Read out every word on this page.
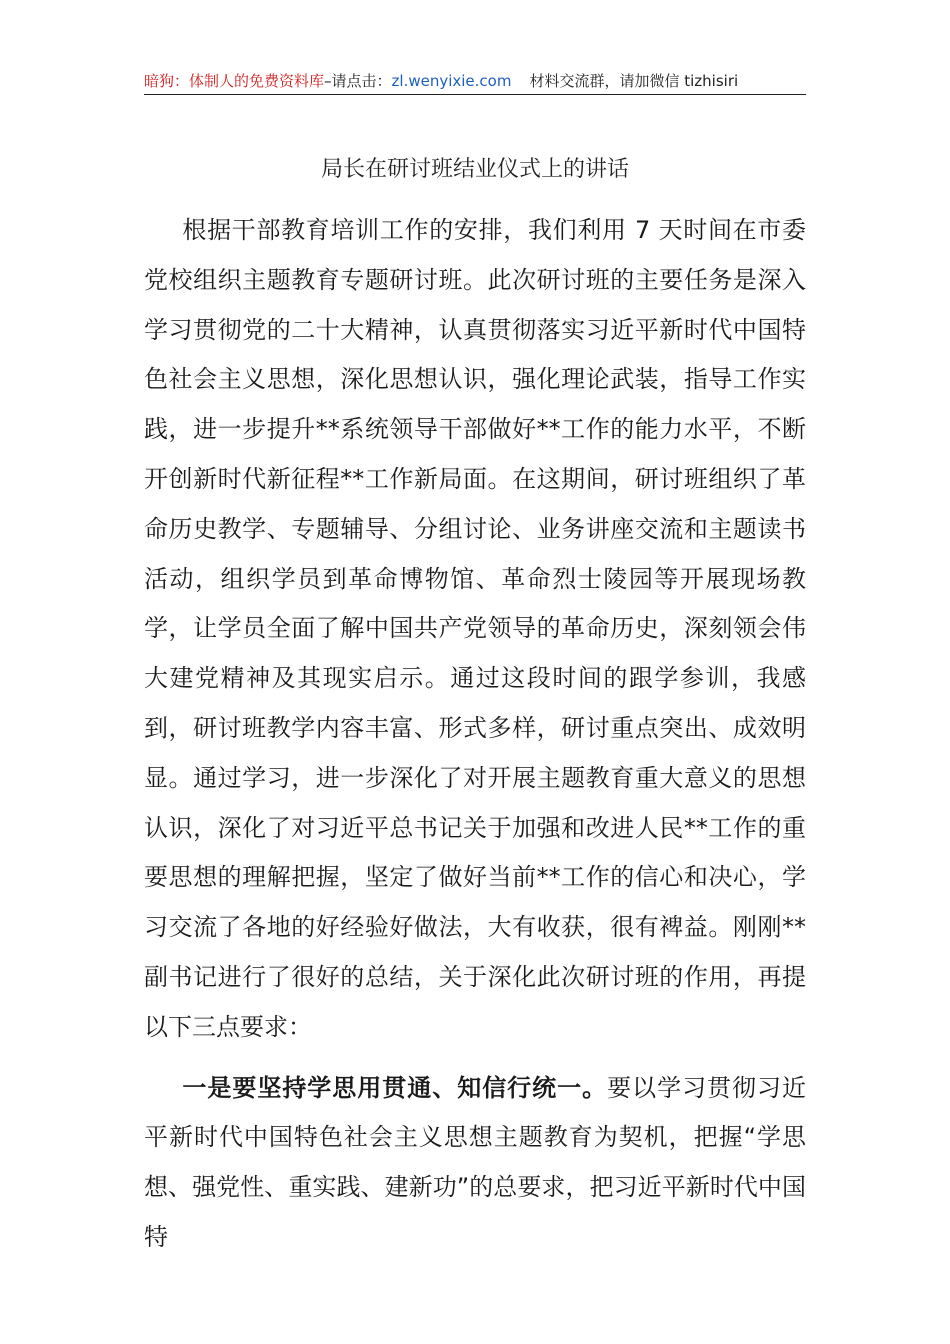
暗狗：体制人的免费资料库–请点击：zl.wenyixie.com 材料交流群，请加微信 tizhisiri
局长在研讨班结业仪式上的讲话

根据干部教育培训工作的安排，我们利用 7 天时间在市委党校组织主题教育专题研讨班。此次研讨班的主要任务是深入学习贯彻党的二十大精神，认真贯彻落实习近平新时代中国特色社会主义思想，深化思想认识，强化理论武装，指导工作实践，进一步提升**系统领导干部做好**工作的能力水平，不断开创新时代新征程**工作新局面。在这期间，研讨班组织了革命历史教学、专题辅导、分组讨论、业务讲座交流和主题读书活动，组织学员到革命博物馆、革命烈士陵园等开展现场教学，让学员全面了解中国共产党领导的革命历史，深刻领会伟大建党精神及其现实启示。通过这段时间的跟学参训，我感到，研讨班教学内容丰富、形式多样，研讨重点突出、成效明显。通过学习，进一步深化了对开展主题教育重大意义的思想认识，深化了对习近平总书记关于加强和改进人民**工作的重要思想的理解把握，坚定了做好当前**工作的信心和决心，学习交流了各地的好经验好做法，大有收获，很有裨益。刚刚**副书记进行了很好的总结，关于深化此次研讨班的作用，再提以下三点要求：

一是要坚持学思用贯通、知信行统一。要以学习贯彻习近平新时代中国特色社会主义思想主题教育为契机，把握“学思想、强党性、重实践、建新功”的总要求，把习近平新时代中国特
